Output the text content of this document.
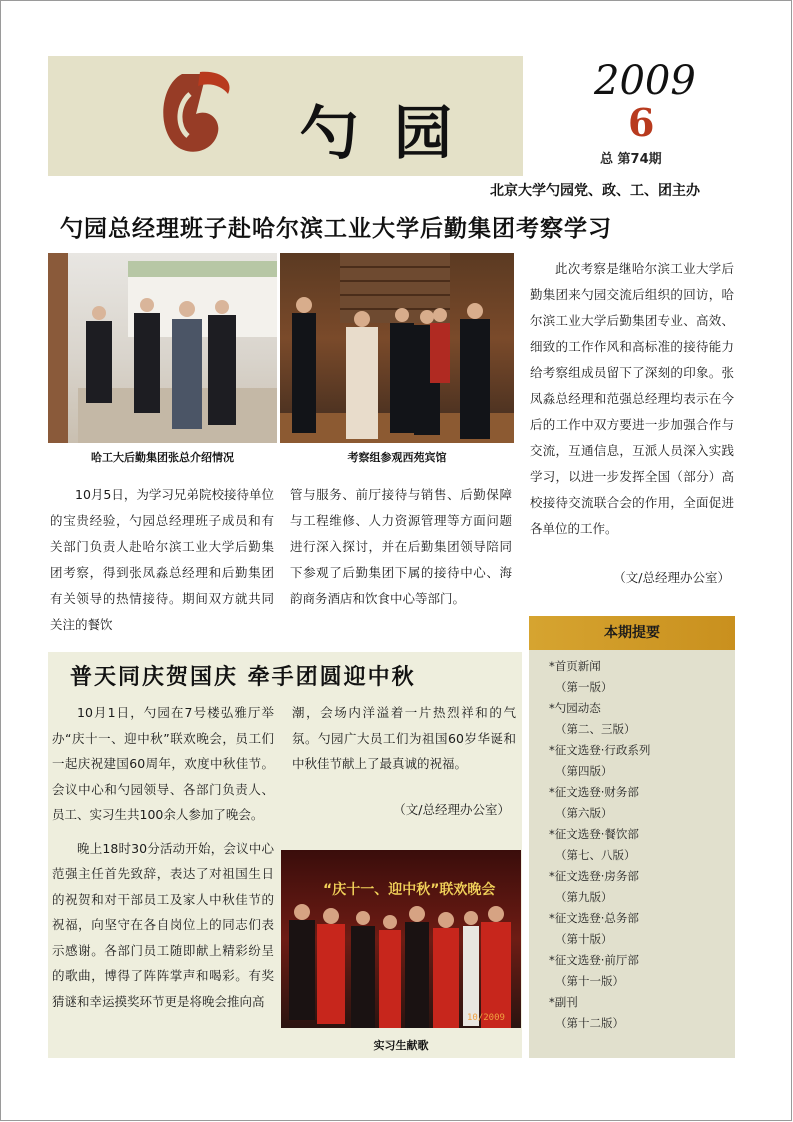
勺园
2009
6
总 第74期
北京大学勺园党、政、工、团主办
勺园总经理班子赴哈尔滨工业大学后勤集团考察学习
哈工大后勤集团张总介绍情况	考察组参观西苑宾馆
10月5日，为学习兄弟院校接待单位的宝贵经验，勺园总经理班子成员和有关部门负责人赴哈尔滨工业大学后勤集团考察，得到张凤淼总经理和后勤集团有关领导的热情接待。期间双方就共同关注的餐饮
管与服务、前厅接待与销售、后勤保障与工程维修、人力资源管理等方面问题进行深入探讨，并在后勤集团领导陪同下参观了后勤集团下属的接待中心、海韵商务酒店和饮食中心等部门。
此次考察是继哈尔滨工业大学后勤集团来勺园交流后组织的回访，哈尔滨工业大学后勤集团专业、高效、细致的工作作风和高标准的接待能力给考察组成员留下了深刻的印象。张凤淼总经理和范强总经理均表示在今后的工作中双方要进一步加强合作与交流，互通信息，互派人员深入实践学习，以进一步发挥全国（部分）高校接待交流联合会的作用，全面促进各单位的工作。
（文/总经理办公室）
本期提要
*首页新闻
（第一版）
*勺园动态
（第二、三版）
*征文选登·行政系列
（第四版）
*征文选登·财务部
（第六版）
*征文选登·餐饮部
（第七、八版）
*征文选登·房务部
（第九版）
*征文选登·总务部
（第十版）
*征文选登·前厅部
（第十一版）
*副刊
（第十二版）
普天同庆贺国庆 牵手团圆迎中秋

10月1日，勺园在7号楼弘雅厅举办“庆十一、迎中秋”联欢晚会，员工们一起庆祝建国60周年，欢度中秋佳节。会议中心和勺园领导、各部门负责人、员工、实习生共100余人参加了晚会。

晚上18时30分活动开始，会议中心范强主任首先致辞，表达了对祖国生日的祝贺和对干部员工及家人中秋佳节的祝福，向坚守在各自岗位上的同志们表示感谢。各部门员工随即献上精彩纷呈的歌曲，博得了阵阵掌声和喝彩。有奖猜谜和幸运摸奖环节更是将晚会推向高

潮，会场内洋溢着一片热烈祥和的气氛。勺园广大员工们为祖国60岁华诞和中秋佳节献上了最真诚的祝福。
（文/总经理办公室）
“庆十一、迎中秋”联欢晚会
10/2009
实习生献歌
